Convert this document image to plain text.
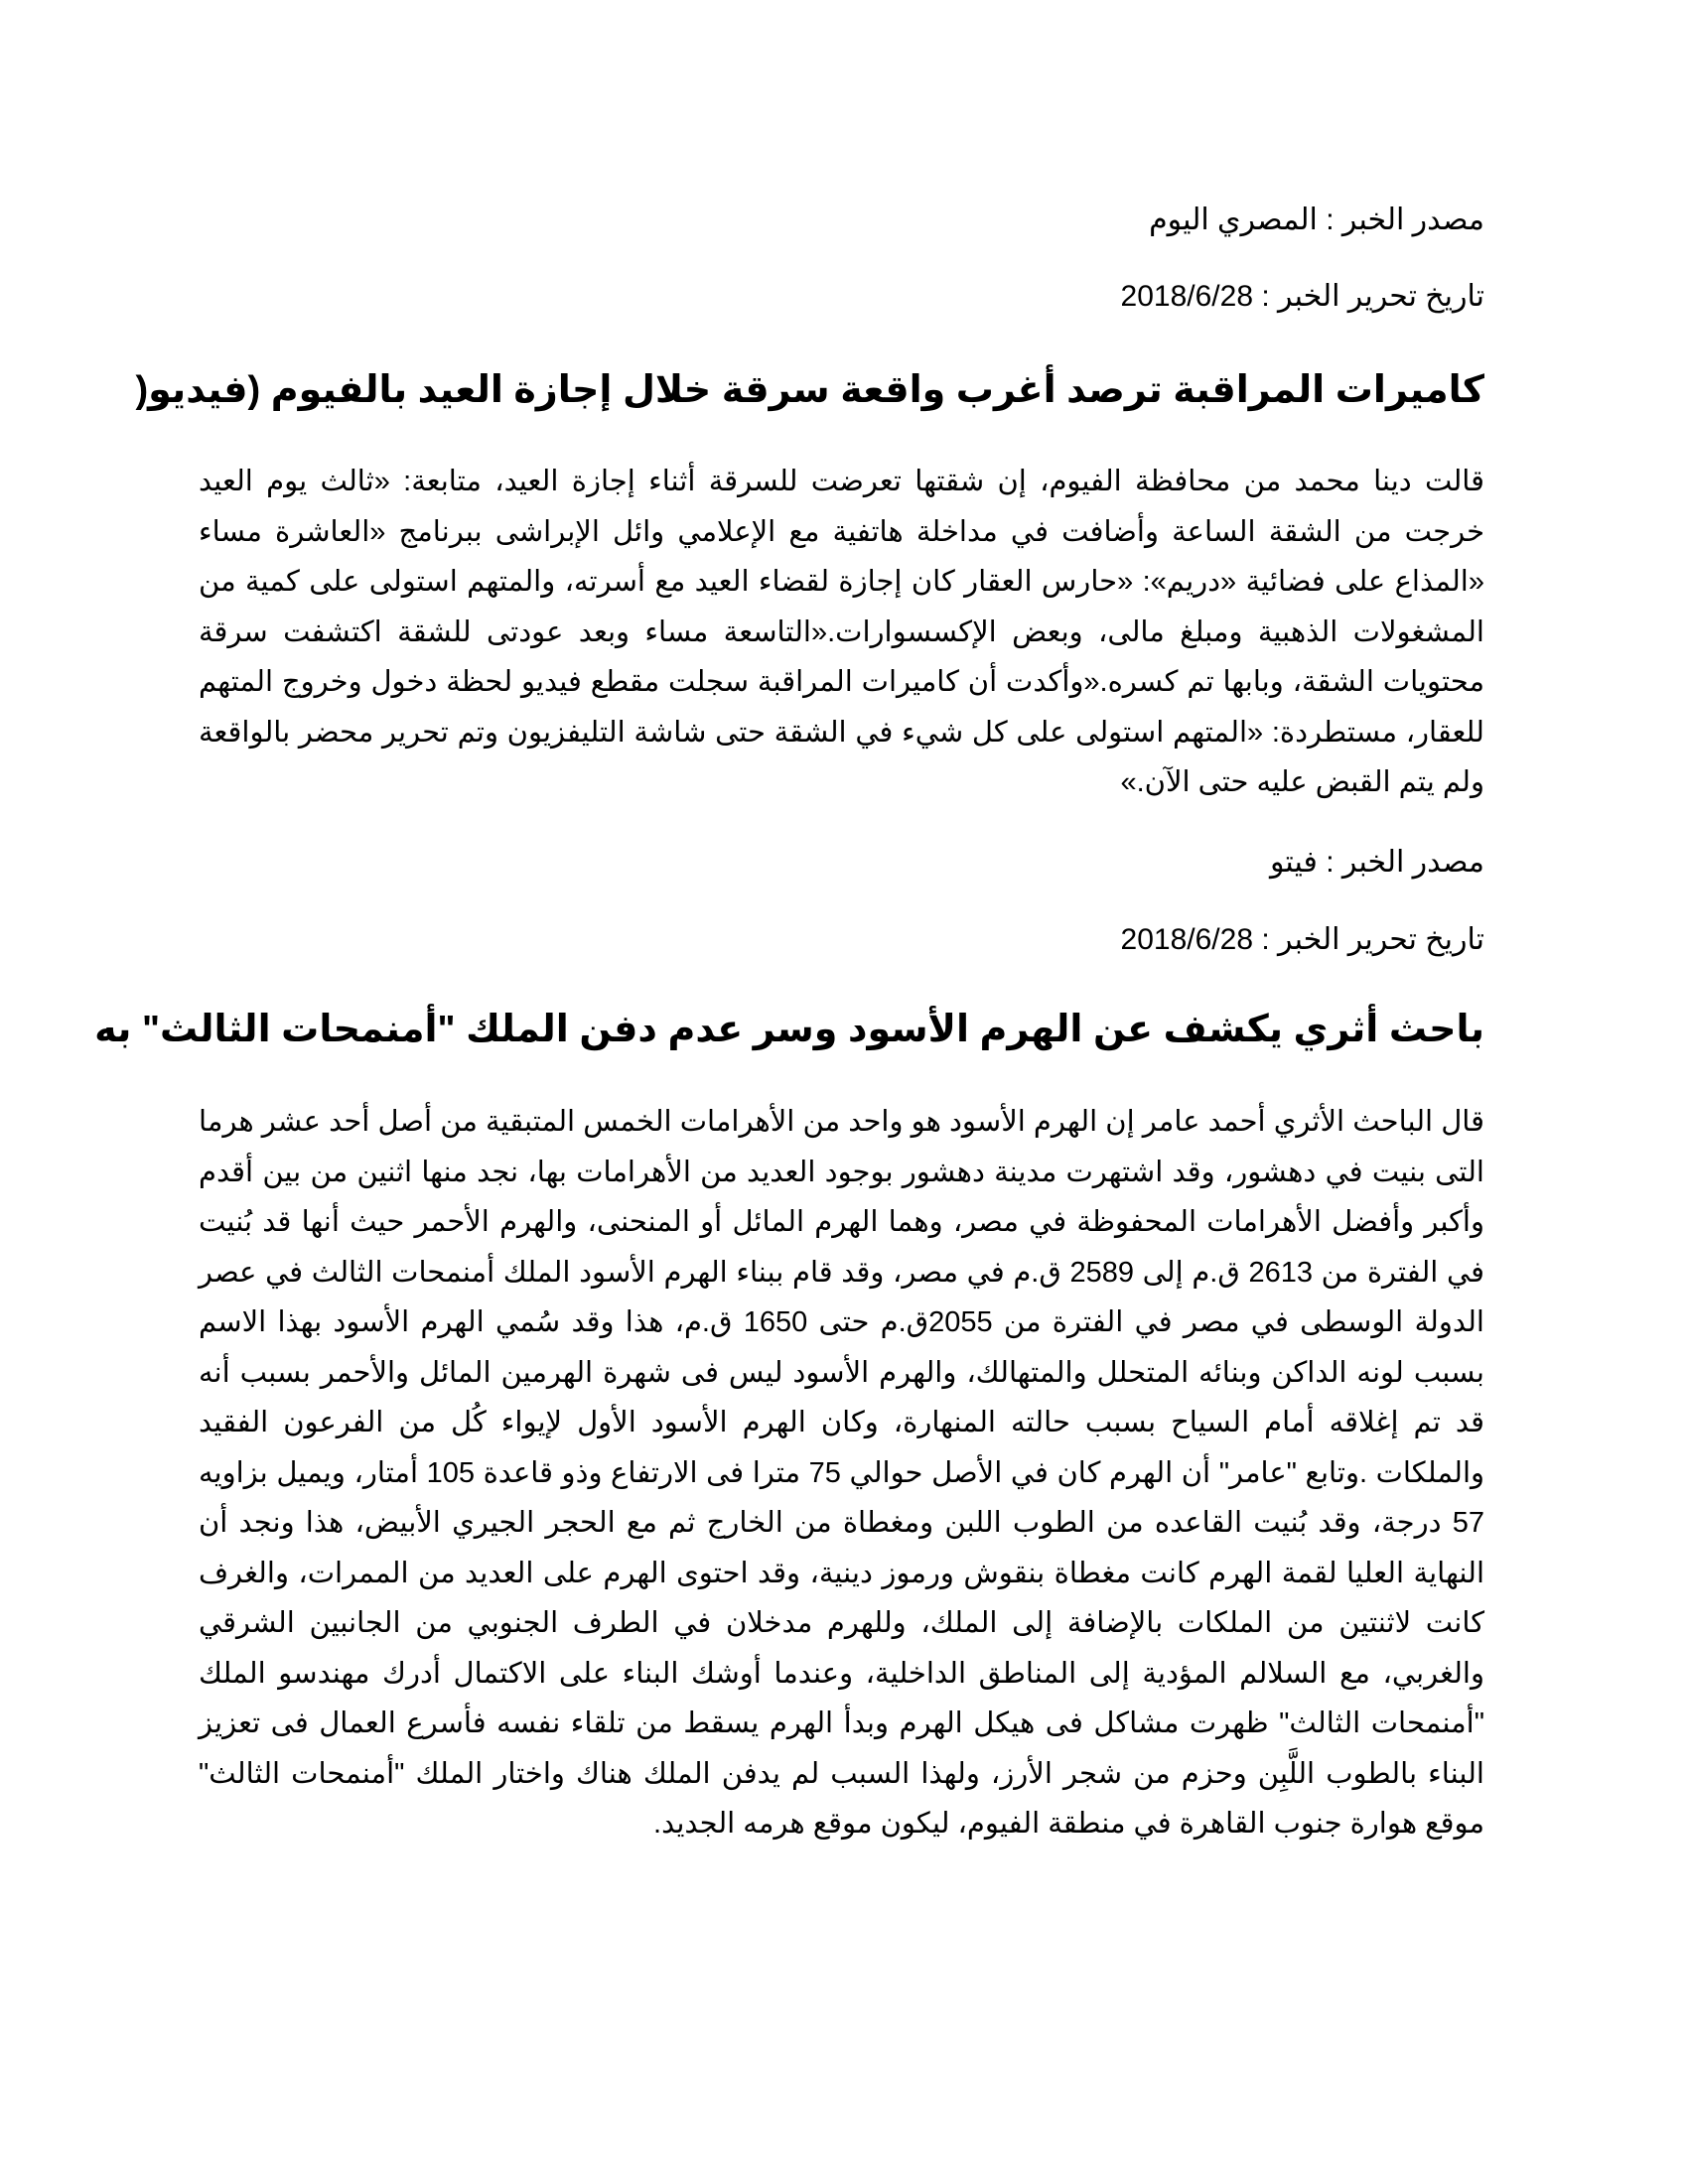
مصدر الخبر : المصري اليوم

تاريخ تحرير الخبر : 2018/6/28

كاميرات المراقبة ترصد أغرب واقعة سرقة خلال إجازة العيد بالفيوم (فيديو(

قالت دينا محمد من محافظة الفيوم، إن شقتها تعرضت للسرقة أثناء إجازة العيد، متابعة: «ثالث يوم العيد خرجت من الشقة الساعة وأضافت في مداخلة هاتفية مع الإعلامي وائل الإبراشى ببرنامج «العاشرة مساء «المذاع على فضائية «دريم»: «حارس العقار كان إجازة لقضاء العيد مع أسرته، والمتهم استولى على كمية من المشغولات الذهبية ومبلغ مالى، وبعض الإكسسوارات.«التاسعة مساء وبعد عودتى للشقة اكتشفت سرقة محتويات الشقة، وبابها تم كسره.«وأكدت أن كاميرات المراقبة سجلت مقطع فيديو لحظة دخول وخروج المتهم للعقار، مستطردة: «المتهم استولى على كل شيء في الشقة حتى شاشة التليفزيون وتم تحرير محضر بالواقعة ولم يتم القبض عليه حتى الآن.»

مصدر الخبر : فيتو

تاريخ تحرير الخبر : 2018/6/28

باحث أثري يكشف عن الهرم الأسود وسر عدم دفن الملك "أمنمحات الثالث" به

قال الباحث الأثري أحمد عامر إن الهرم الأسود هو واحد من الأهرامات الخمس المتبقية من أصل أحد عشر هرما التى بنيت في دهشور، وقد اشتهرت مدينة دهشور بوجود العديد من الأهرامات بها، نجد منها اثنين من بين أقدم وأكبر وأفضل الأهرامات المحفوظة في مصر، وهما الهرم المائل أو المنحنى، والهرم الأحمر حيث أنها قد بُنيت في الفترة من 2613 ق.م إلى 2589 ق.م في مصر، وقد قام ببناء الهرم الأسود الملك أمنمحات الثالث في عصر الدولة الوسطى في مصر في الفترة من 2055ق.م حتى 1650 ق.م، هذا وقد سُمي الهرم الأسود بهذا الاسم بسبب لونه الداكن وبنائه المتحلل والمتهالك، والهرم الأسود ليس فى شهرة الهرمين المائل والأحمر بسبب أنه قد تم إغلاقه أمام السياح بسبب حالته المنهارة، وكان الهرم الأسود الأول لإيواء كُل من الفرعون الفقيد والملكات .وتابع "عامر" أن الهرم كان في الأصل حوالي 75 مترا فى الارتفاع وذو قاعدة 105 أمتار، ويميل بزاويه 57 درجة، وقد بُنيت القاعده من الطوب اللبن ومغطاة من الخارج ثم مع الحجر الجيري الأبيض، هذا ونجد أن النهاية العليا لقمة الهرم كانت مغطاة بنقوش ورموز دينية، وقد احتوى الهرم على العديد من الممرات، والغرف كانت لاثنتين من الملكات بالإضافة إلى الملك، وللهرم مدخلان في الطرف الجنوبي من الجانبين الشرقي والغربي، مع السلالم المؤدية إلى المناطق الداخلية، وعندما أوشك البناء على الاكتمال أدرك مهندسو الملك "أمنمحات الثالث" ظهرت مشاكل فى هيكل الهرم وبدأ الهرم يسقط من تلقاء نفسه فأسرع العمال فى تعزيز البناء بالطوب اللَّبِن وحزم من شجر الأرز، ولهذا السبب لم يدفن الملك هناك واختار الملك "أمنمحات الثالث" موقع هوارة جنوب القاهرة في منطقة الفيوم، ليكون موقع هرمه الجديد.
